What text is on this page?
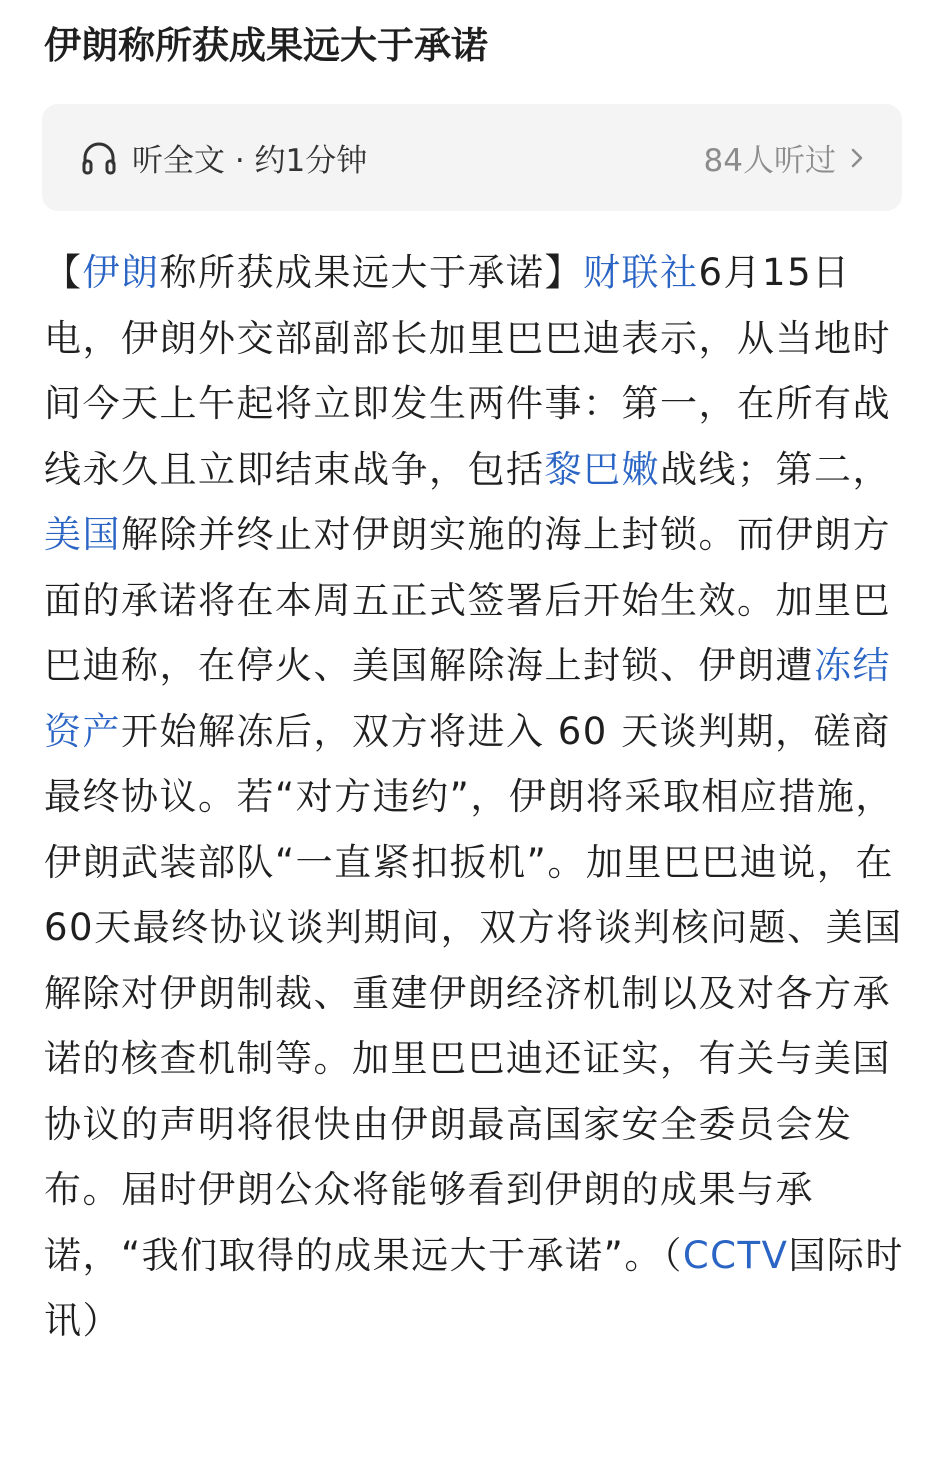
伊朗称所获成果远大于承诺
听全文 · 约1分钟	84人听过
【伊朗称所获成果远大于承诺】财联社6月15日电，伊朗外交部副部长加里巴巴迪表示，从当地时间今天上午起将立即发生两件事：第一，在所有战线永久且立即结束战争，包括黎巴嫩战线；第二，美国解除并终止对伊朗实施的海上封锁。而伊朗方面的承诺将在本周五正式签署后开始生效。加里巴巴迪称，在停火、美国解除海上封锁、伊朗遭冻结资产开始解冻后，双方将进入 60 天谈判期，磋商最终协议。若“对方违约”，伊朗将采取相应措施，伊朗武装部队“一直紧扣扳机”。加里巴巴迪说，在60天最终协议谈判期间，双方将谈判核问题、美国解除对伊朗制裁、重建伊朗经济机制以及对各方承诺的核查机制等。加里巴巴迪还证实，有关与美国协议的声明将很快由伊朗最高国家安全委员会发布。届时伊朗公众将能够看到伊朗的成果与承诺，“我们取得的成果远大于承诺”。（CCTV国际时讯）
